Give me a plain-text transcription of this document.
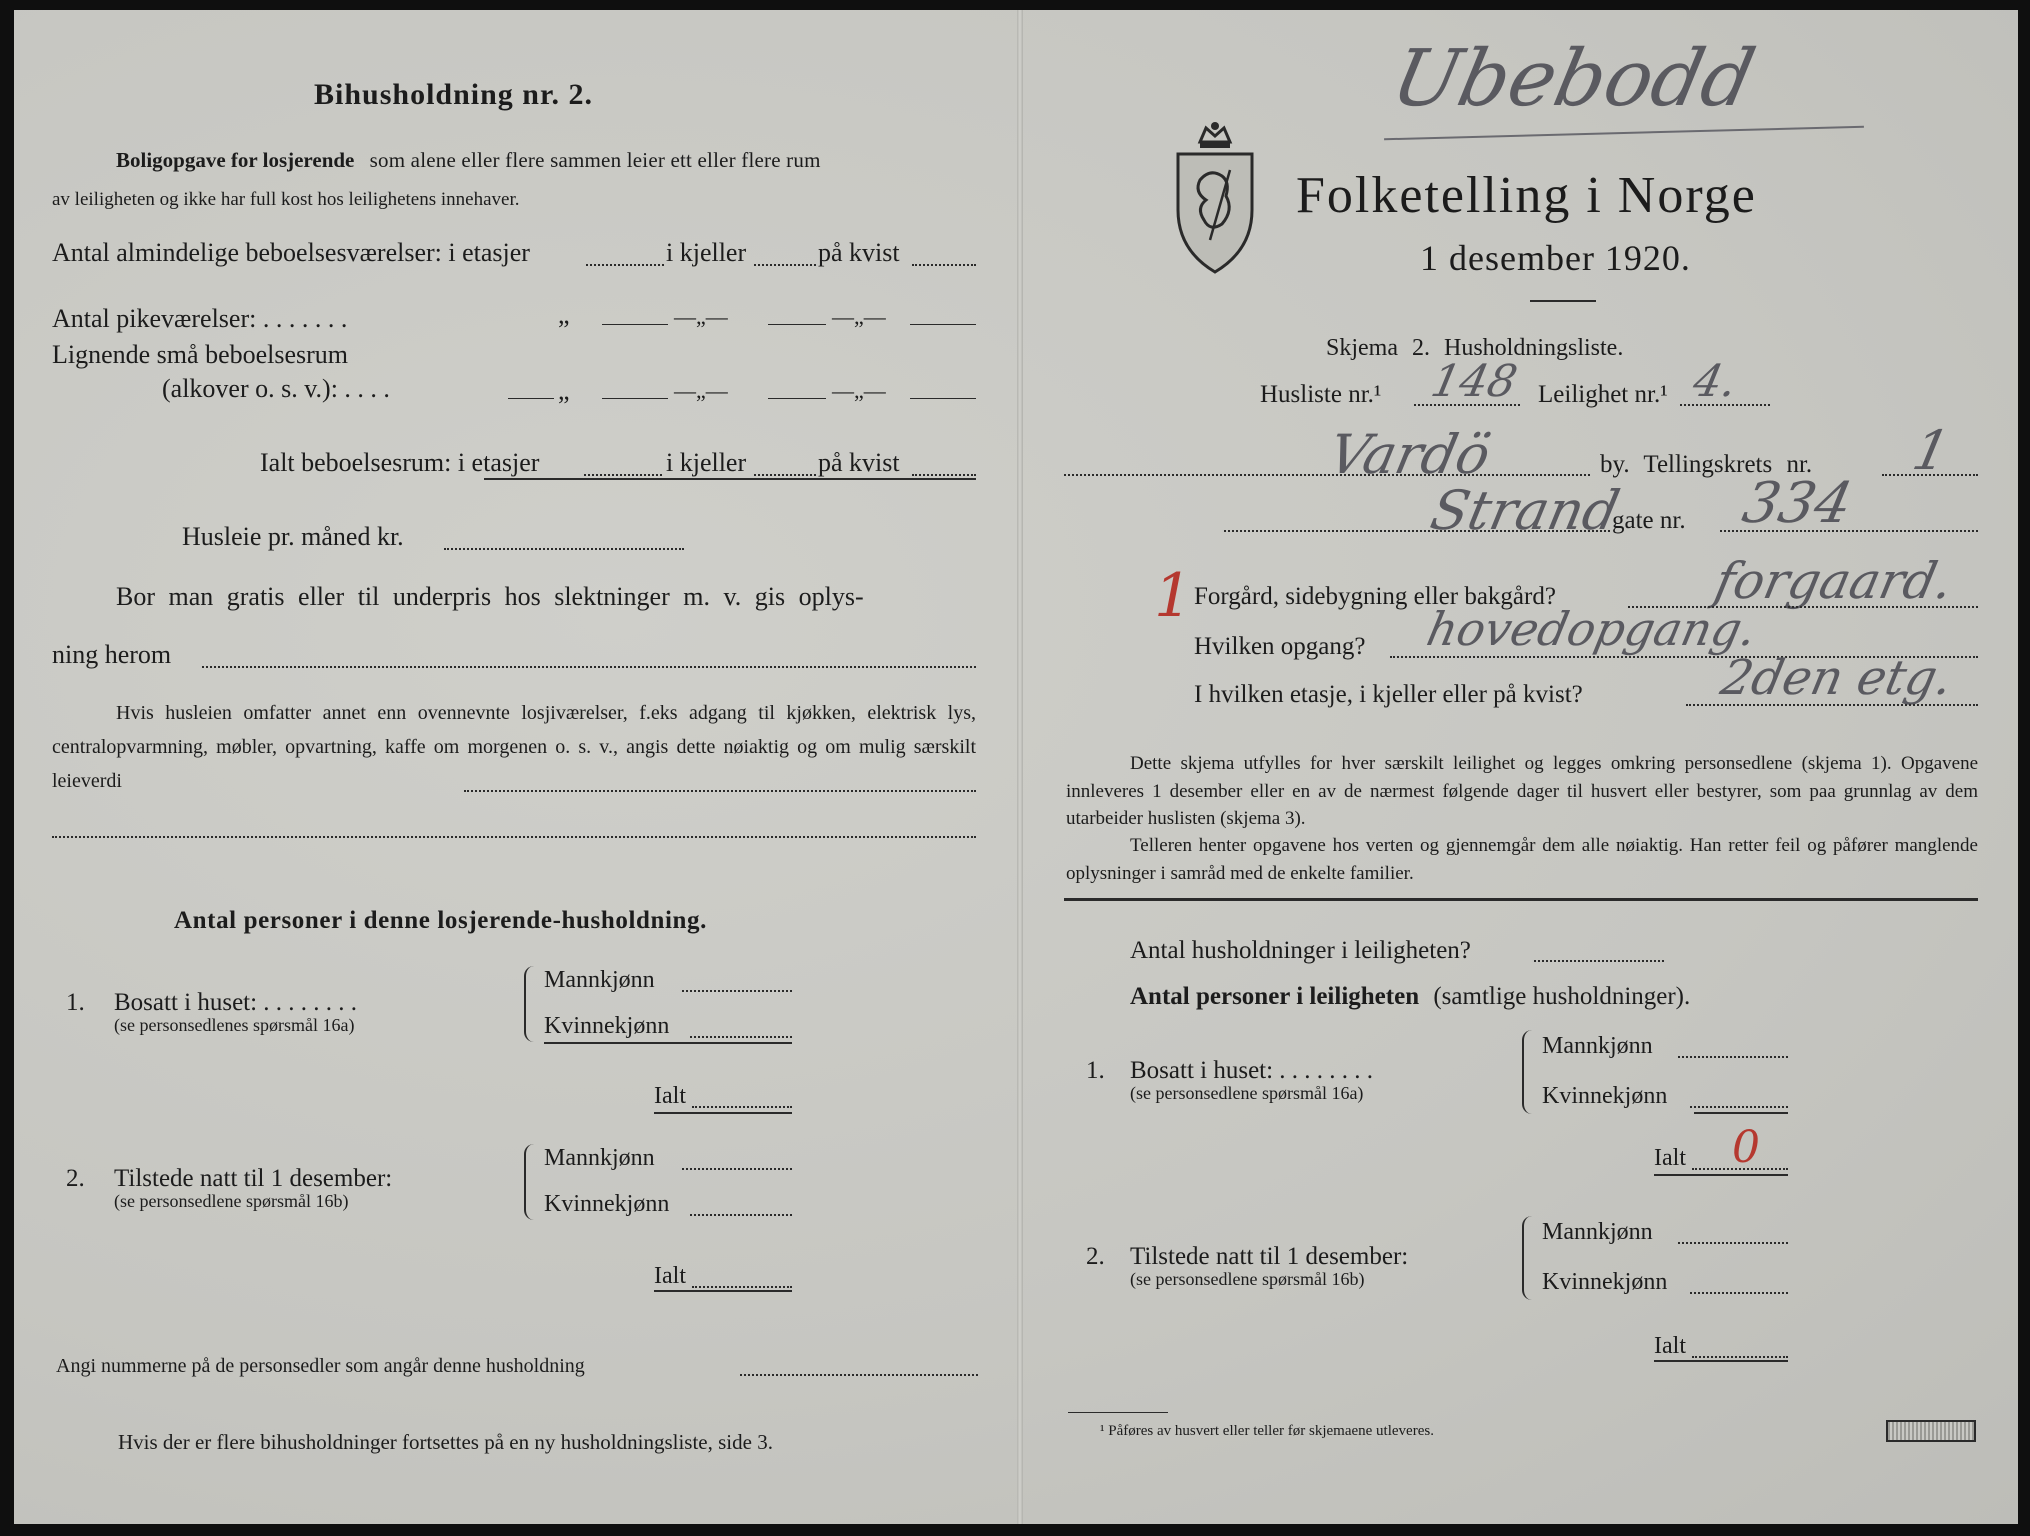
Bihusholdning nr. 2.
Boligopgave for losjerende som alene eller flere sammen leier ett eller flere rum
av leiligheten og ikke har full kost hos leilighetens innehaver.
Antal almindelige beboelsesværelser: i etasjer	i kjeller	på kvist
Antal pikeværelser: . . . . . . .	„	—„—	—„—
Lignende små beboelsesrum
(alkover o. s. v.): . . . .	„	—„—	—„—
Ialt beboelsesrum: i etasjer	i kjeller	på kvist
Husleie pr. måned kr.
Bor man gratis eller til underpris hos slektninger m. v. gis oplys-
ning herom
Hvis husleien omfatter annet enn ovennevnte losjiværelser, f.eks adgang til kjøkken, elektrisk lys, centralopvarmning, møbler, opvartning, kaffe om morgenen o. s. v., angis dette nøiaktig og om mulig særskilt leieverdi
Antal personer i denne losjerende-husholdning.
1. Bosatt i huset: . . . . . . . .
(se personsedlenes spørsmål 16a)
Mannkjønn
Kvinnekjønn
Ialt
2. Tilstede natt til 1 desember:
(se personsedlene spørsmål 16b)
Mannkjønn
Kvinnekjønn
Ialt
Angi nummerne på de personsedler som angår denne husholdning
Hvis der er flere bihusholdninger fortsettes på en ny husholdningsliste, side 3.
Ubebodd
Folketelling i Norge
1 desember 1920.
Skjema 2. Husholdningsliste.
Husliste nr.¹ 148 Leilighet nr.¹ 4.
Vardö	by. Tellingskrets nr. 1
Strand
gate nr. 334
1 Forgård, sidebygning eller bakgård?	forgaard.
Hvilken opgang? hovedopgang.
I hvilken etasje, i kjeller eller på kvist?	2den etg.
Dette skjema utfylles for hver særskilt leilighet og legges omkring personsedlene (skjema 1). Opgavene innleveres 1 desember eller en av de nærmest følgende dager til husvert eller bestyrer, som paa grunnlag av dem utarbeider huslisten (skjema 3).
Telleren henter opgavene hos verten og gjennemgår dem alle nøiaktig. Han retter feil og påfører manglende oplysninger i samråd med de enkelte familier.
Antal husholdninger i leiligheten?
Antal personer i leiligheten (samtlige husholdninger).
1. Bosatt i huset: . . . . . . . .
(se personsedlene spørsmål 16a)
Mannkjønn
Kvinnekjønn
Ialt 0
2. Tilstede natt til 1 desember:
(se personsedlene spørsmål 16b)
Mannkjønn
Kvinnekjønn
Ialt
¹ Påføres av husvert eller teller før skjemaene utleveres.
